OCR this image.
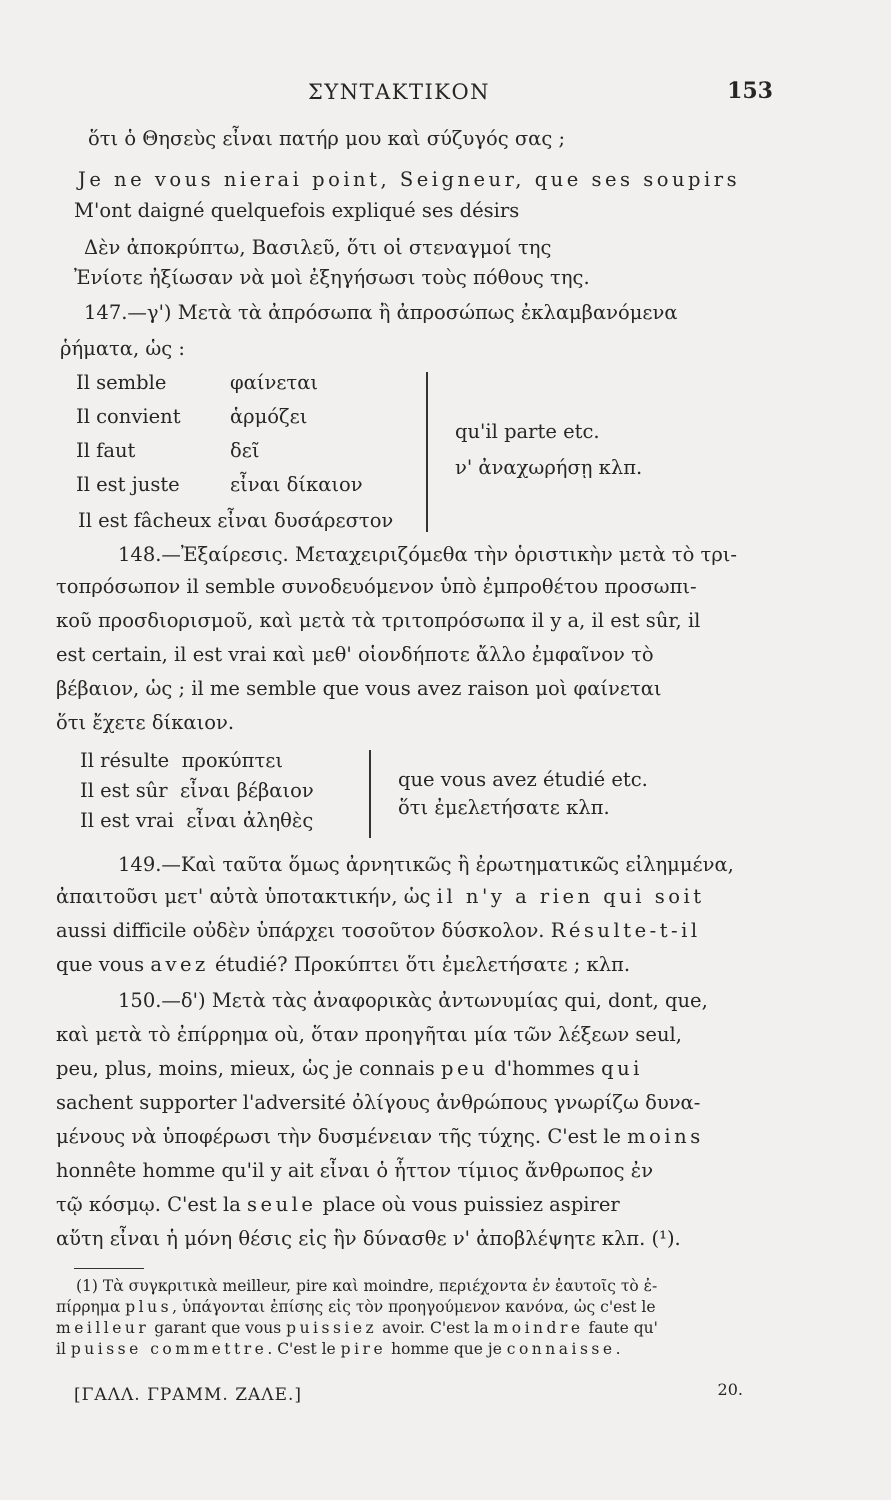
ΣΥΝΤΑΚΤΙΚΟΝ	153
ὅτι ὁ Θησεὺς εἶναι πατήρ μου καὶ σύζυγός σας ;
Je ne vous nierai point, Seigneur, que ses soupirs
M'ont daigné quelquefois expliqué ses désirs
Δὲν ἀποκρύπτω, Βασιλεῦ, ὅτι οἱ στεναγμοί της
Ἐνίοτε ἠξίωσαν νὰ μοὶ ἐξηγήσωσι τοὺς πόθους της.
147.—γ') Μετὰ τὰ ἀπρόσωπα ἢ ἀπροσώπως ἐκλαμβανόμενα
ῥήματα, ὡς :
Il semble
Il convient
Il faut
Il est juste
φαίνεται
ἁρμόζει
δεῖ
εἶναι δίκαιον
Il est fâcheux εἶναι δυσάρεστον
qu'il parte etc.
ν' ἀναχωρήσῃ κλπ.
148.—Ἐξαίρεσις. Μεταχειριζόμεθα τὴν ὁριστικὴν μετὰ τὸ τρι-
τοπρόσωπον il semble συνοδευόμενον ὑπὸ ἐμπροθέτου προσωπι-
κοῦ προσδιορισμοῦ, καὶ μετὰ τὰ τριτοπρόσωπα il y a, il est sûr, il
est certain, il est vrai καὶ μεθ' οἱονδήποτε ἄλλο ἐμφαῖνον τὸ
βέβαιον, ὡς ; il me semble que vous avez raison μοὶ φαίνεται
ὅτι ἔχετε δίκαιον.
Il résulte προκύπτει
Il est sûr εἶναι βέβαιον
Il est vrai εἶναι ἀληθὲς
que vous avez étudié etc.
ὅτι ἐμελετήσατε κλπ.
149.—Καὶ ταῦτα ὅμως ἀρνητικῶς ἢ ἐρωτηματικῶς εἰλημμένα,
ἀπαιτοῦσι μετ' αὐτὰ ὑποτακτικήν, ὡς il n'y a rien qui soit
aussi difficile οὐδὲν ὑπάρχει τοσοῦτον δύσκολον. Résulte-t-il
que vous avez étudié? Προκύπτει ὅτι ἐμελετήσατε ; κλπ.
150.—δ') Μετὰ τὰς ἀναφορικὰς ἀντωνυμίας qui, dont, que,
καὶ μετὰ τὸ ἐπίρρημα où, ὅταν προηγῆται μία τῶν λέξεων seul,
peu, plus, moins, mieux, ὡς je connais peu d'hommes qui
sachent supporter l'adversité ὀλίγους ἀνθρώπους γνωρίζω δυνα-
μένους νὰ ὑποφέρωσι τὴν δυσμένειαν τῆς τύχης. C'est le moins
honnête homme qu'il y ait εἶναι ὁ ἧττον τίμιος ἄνθρωπος ἐν
τῷ κόσμῳ. C'est la seule place où vous puissiez aspirer
αὕτη εἶναι ἡ μόνη θέσις εἰς ἣν δύνασθε ν' ἀποβλέψητε κλπ. (¹).
(1) Τὰ συγκριτικὰ meilleur, pire καὶ moindre, περιέχοντα ἐν ἑαυτοῖς τὸ ἐ-
πίρρημα plus, ὑπάγονται ἐπίσης εἰς τὸν προηγούμενον κανόνα, ὡς c'est le
meilleur garant que vous puissiez avoir. C'est la moindre faute qu'
il puisse commettre. C'est le pire homme que je connaisse.
[ΓΑΛΛ. ΓΡΑΜΜ. ΖΑΛΕ.]	20.
